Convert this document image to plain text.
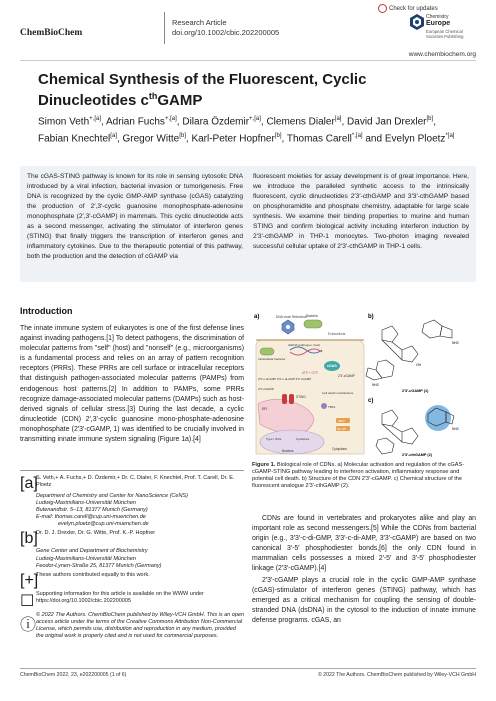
ChemBioChem
Research Article
doi.org/10.1002/cbic.202200005
Check for updates
Chemistry
Europe
European Chemical Societies Publishing
www.chembiochem.org
Chemical Synthesis of the Fluorescent, Cyclic Dinucleotides $c^{th}GAMP$
Simon Veth$^{+,[a]}$, Adrian Fuchs$^{+,[a]}$, Dilara Özdemir$^{+,[a]}$, Clemens Dialer[a], David Jan Drexler[b], Fabian Knechtel[a], Gregor Witte[b], Karl-Peter Hopfner[b], Thomas Carell$^{*,[a]}$ and Evelyn Ploetz$^{*[a]}$

The cGAS-STING pathway is known for its role in sensing cytosolic DNA introduced by a viral infection, bacterial invasion or tumorigenesis. Free DNA is recognized by the cyclic GMP-AMP synthase (cGAS) catalyzing the production of 2′,3′-cyclic guanosine monophosphate-adenosine monophosphate (2′,3′-cGAMP) in mammals. This cyclic dinucleotide acts as a second messenger, activating the stimulator of interferon genes (STING) that finally triggers the transcription of interferon genes and inflammatory cytokines. Due to the therapeutic potential of this pathway, both the production and the detection of cGAMP via

fluorescent moieties for assay development is of great importance. Here, we introduce the paralleled synthetic access to the intrinsically fluorescent, cyclic dinucleotides 2′3′-cthGAMP and 3′3′-cthGAMP based on phosphoramidite and phosphate chemistry, adaptable for large scale synthesis. We examine their binding properties to murine and human STING and confirm biological activity including interferon induction by 2′3′-cthGAMP in THP-1 monocytes. Two-photon imaging revealed successful cellular uptake of 2′3′-cthGAMP in THP-1 cells.

Introduction

The innate immune system of eukaryotes is one of the first defense lines against invading pathogens.[1] To detect pathogens, the discrimination of molecular patterns from "self" (host) and "nonself" (e.g., microorganisms) is a fundamental process and relies on an array of pattern recognition receptors (PRRs). These PRRs are cell surface or intracellular receptors that distinguish pathogen-associated molecular patterns (PAMPs) from endogenous host patterns.[2] In addition to PAMPs, some PRRs recognize damage-associated molecular patterns (DAMPs) such as host-derived signals of cellular stress.[3] During the last decade, a cyclic dinucleotide (CDN) 2′,3′-cyclic guanosine mono-phosphate-adenosine monophosphate (2′3′-cGAMP, 1) was identified to be crucially involved in transmitting innate immune system signaling (Figure 1a).[4]

[a]

S. Veth,+ A. Fuchs,+ D. Özdemir,+ Dr. C. Dialer, F. Knechtel, Prof. T. Carell, Dr. E. Ploetz

Department of Chemistry and Center for NanoScience (CeNS)

Ludwig-Maximilians-Universität München

Butenandtstr. 5–13, 81377 Munich (Germany)

E-mail: thomas.carell@cup.uni-muenchen.de

evelyn.ploetz@cup.uni-muenchen.de

[b]

Dr. D. J. Drexler, Dr. G. Witte, Prof. K.-P. Hopfner

Gene Center and Department of Biochemistry

Ludwig-Maximilians-Universität München

Feodor-Lynen-Straße 25, 81377 Munich (Germany)

[+]

These authors contributed equally to this work.

☐ Supporting information for this article is available on the WWW under https://doi.org/10.1002/cbic.202200005

ⓘ

© 2022 The Authors. ChemBioChem published by Wiley-VCH GmbH. This is an open access article under the terms of the Creative Commons Attribution Non-Commercial License, which permits use, distribution and reproduction in any medium, provided the original work is properly cited and is not used for commercial purposes.

a)	DNA virus/ Retrovirus Bacteria
Extracellular
Intracellular bacteria
dsDNA (pathogen, host)
cGAS
ATP + GTP
2′3′-cGAMP
2′3′-c-di-GMP 3′3′-c-di-AMP 3′3′-cGAMP
2′3′-cGAMP
ER
STING
Cell death mechanisms
TBK1
Nucleus
Type I IFNs	Cytokines
IRF3
NF-κB
Cytoplasm
b)
NH2
NH2
OH
2′3′-cGAMP (1)
c)
NH2
2′3′-cthGAMP (2)
Figure 1. Biological role of CDNs. a) Molecular activation and regulation of the cGAS-cGAMP-STING pathway leading to interferon activation, inflammatory response and potential cell death. b) Structure of the CDN 2′3′-cGAMP. c) Chemical structure of the fluorescent analogue 2′3′-cthGAMP (2).

CDNs are found in vertebrates and prokaryotes alike and play an important role as second messengers.[5] While the CDNs from bacterial origin (e.g., 3′3′-c-di-GMP, 3′3′-c-di-AMP, 3′3′-cGAMP) are based on two canonical 3′-5′ phosphodiester bonds,[6] the only CDN found in mammalian cells possesses a mixed 2′-5′ and 3′-5′ phosphodiester linkage (2′3′-cGAMP).[4]

2′3′-cGAMP plays a crucial role in the cyclic GMP-AMP synthase (cGAS)-stimulator of interferon genes (STING) pathway, which has emerged as a critical mechanism for coupling the sensing of double-stranded DNA (dsDNA) in the cytosol to the induction of innate immune defense programs. cGAS, an

ChemBioChem 2022, 23, e202200005 (1 of 6)	© 2022 The Authors. ChemBioChem published by Wiley-VCH GmbH
